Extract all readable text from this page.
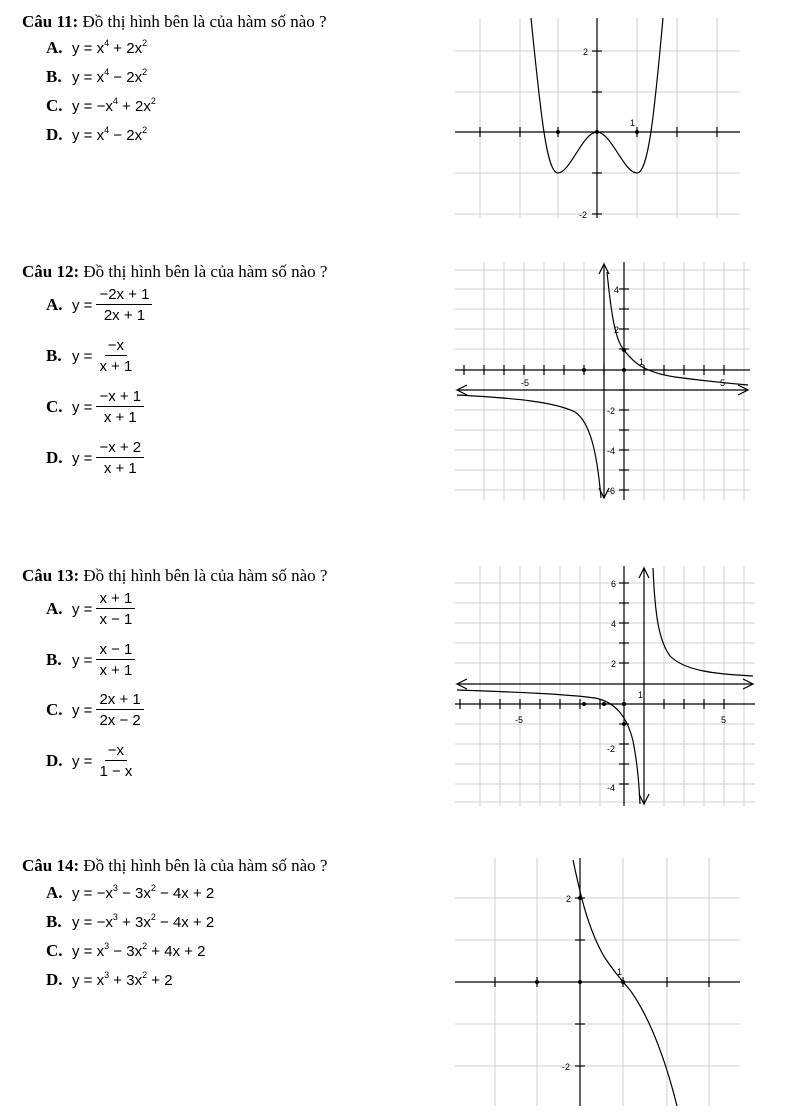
Câu 11: Đồ thị hình bên là của hàm số nào ?
A. $y = x^4 + 2x^2$
B. $y = x^4 - 2x^2$
C. $y = -x^4 + 2x^2$
D. $y = x^4 - 2x^2$
2
-2
1
Câu 12: Đồ thị hình bên là của hàm số nào ?
A. $y = \frac{-2x + 1}{2x + 1}$
B. $y = \frac{-x}{x + 1}$
C. $y = \frac{-x + 1}{x + 1}$
D. $y = \frac{-x + 2}{x + 1}$
4
2
-2
-4
-6
-5	5
1
Câu 13: Đồ thị hình bên là của hàm số nào ?
A. $y = \frac{x + 1}{x - 1}$
B. $y = \frac{x - 1}{x + 1}$
C. $y = \frac{2x + 1}{2x - 2}$
D. $y = \frac{-x}{1 - x}$
6
4
2
-2
-4
-5	5
1
Câu 14: Đồ thị hình bên là của hàm số nào ?
A. $y = -x^3 - 3x^2 - 4x + 2$
B. $y = -x^3 + 3x^2 - 4x + 2$
C. $y = x^3 - 3x^2 + 4x + 2$
D. $y = x^3 + 3x^2 + 2$
2
-2
1
